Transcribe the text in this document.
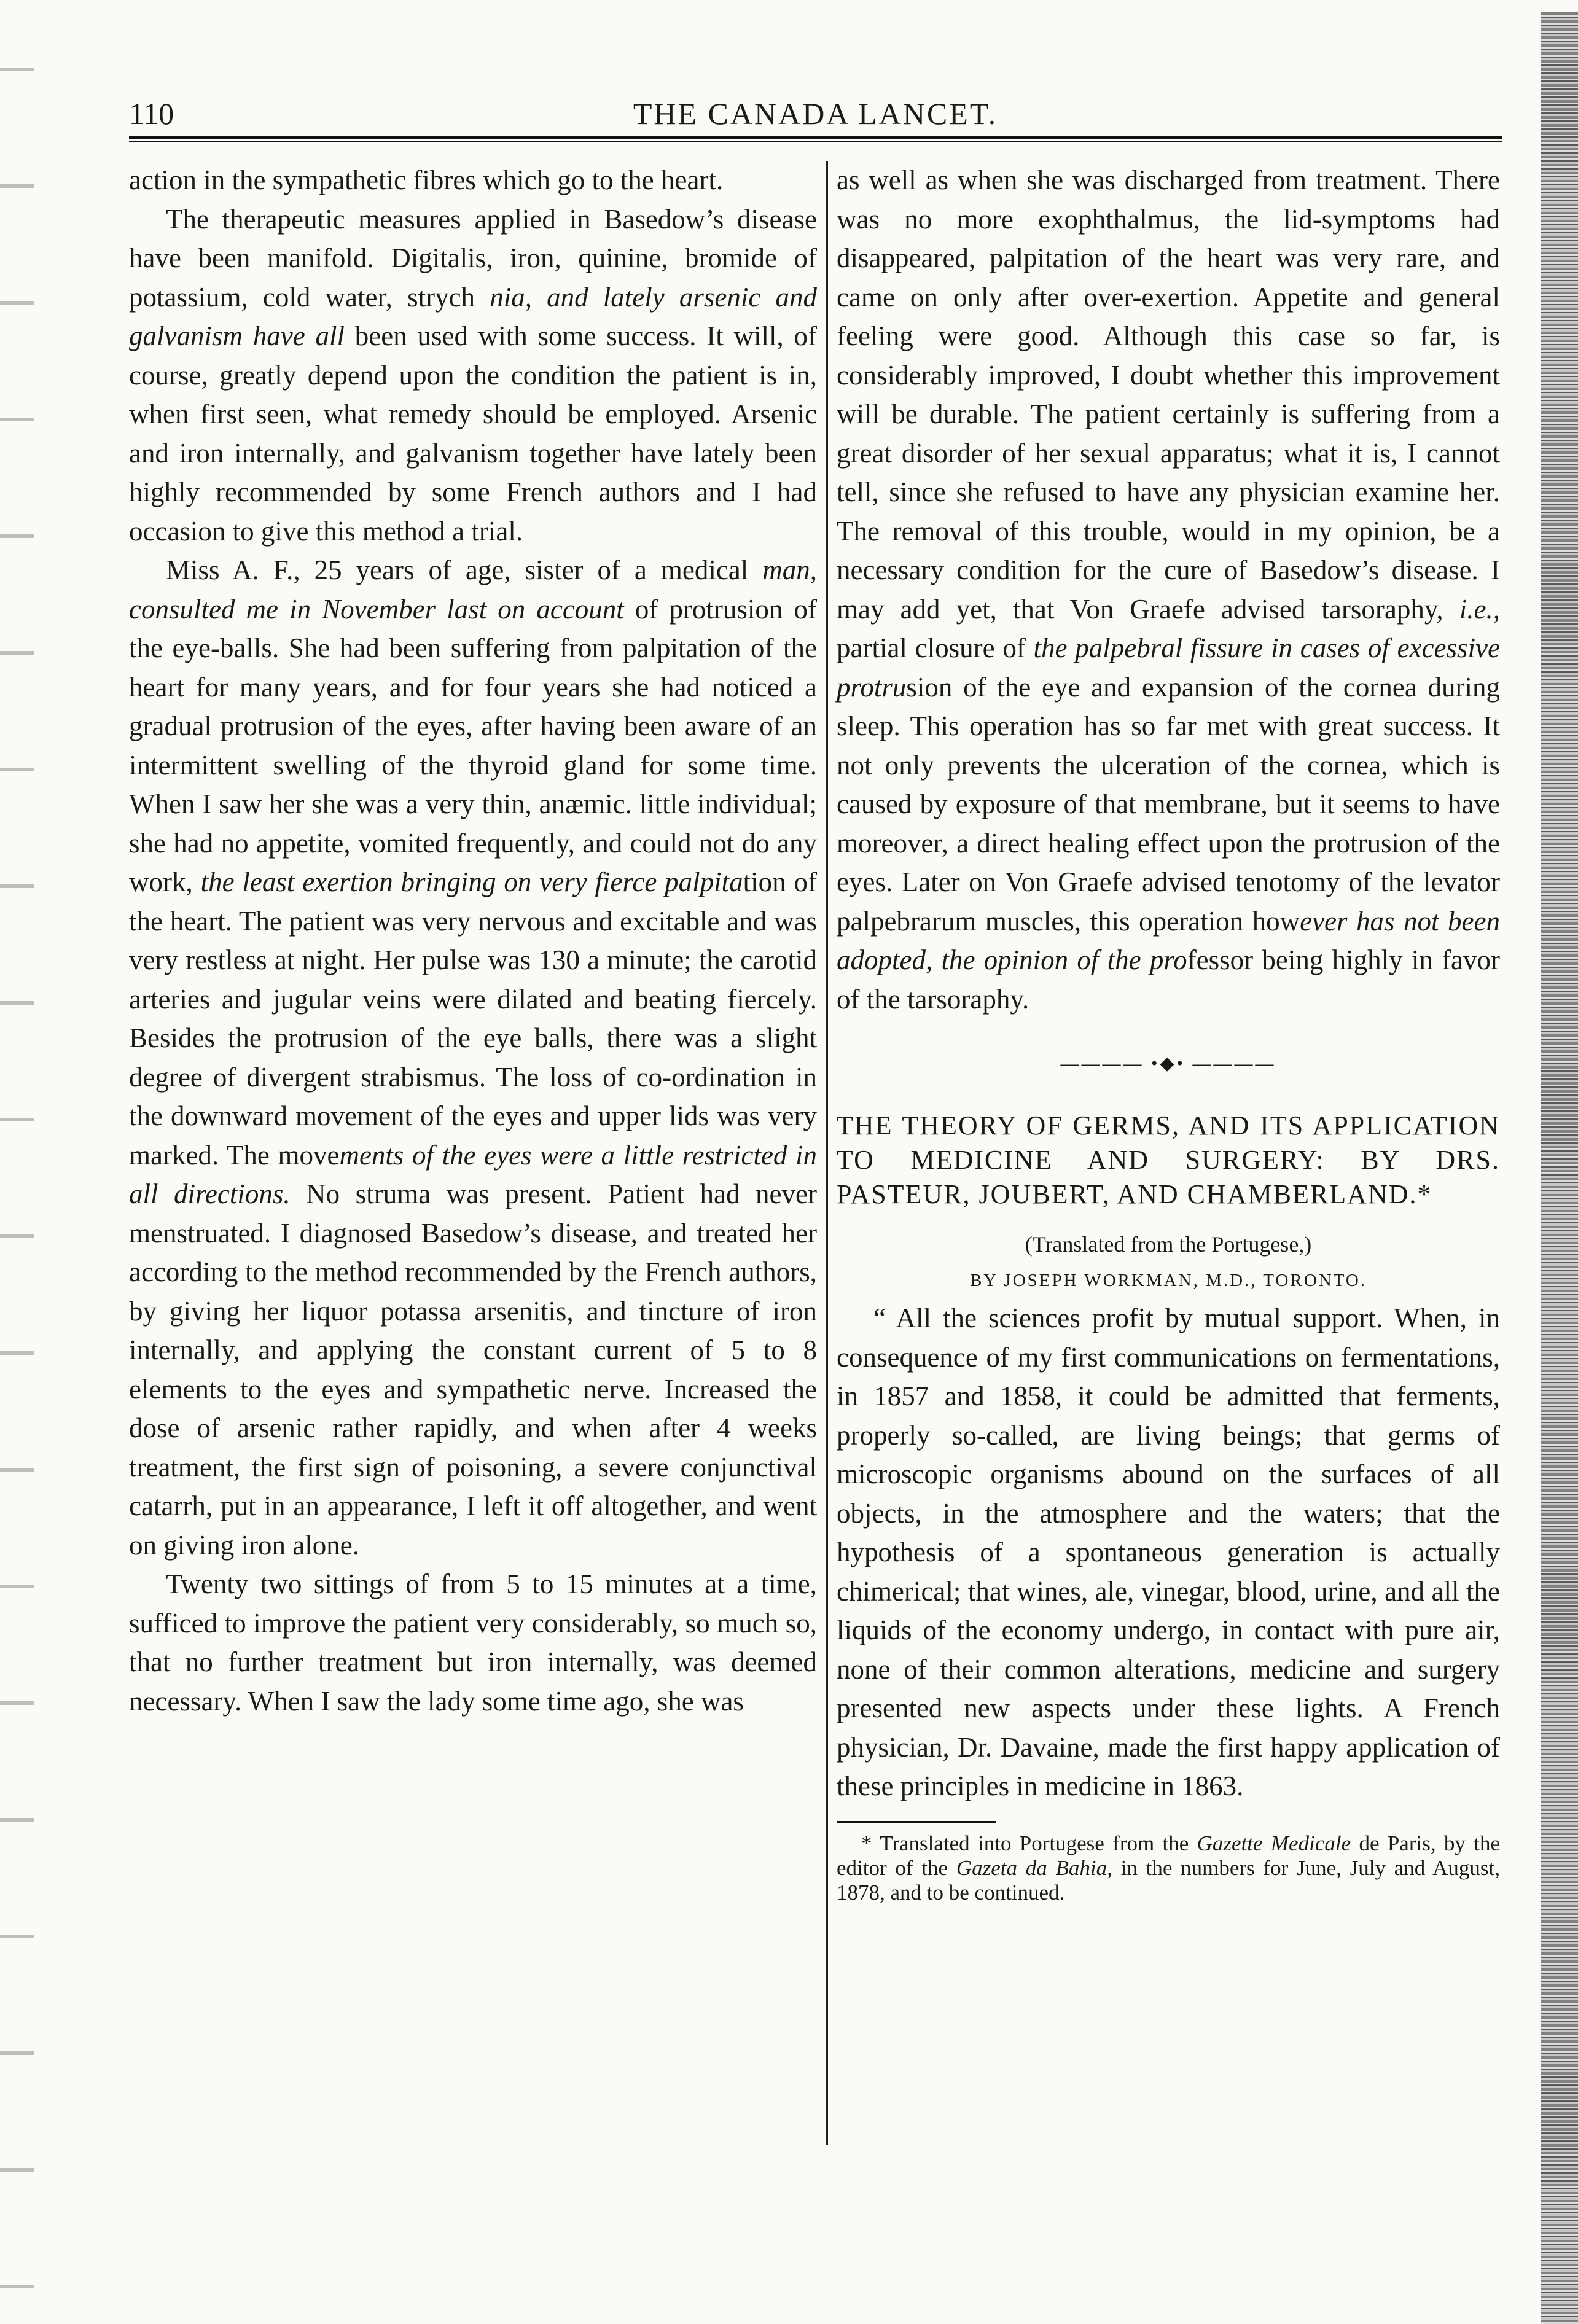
110	THE CANADA LANCET.

action in the sympathetic fibres which go to the heart.

The therapeutic measures applied in Basedow’s disease have been manifold. Digitalis, iron, quinine, bromide of potassium, cold water, strych nia, and lately arsenic and galvanism have all been used with some success. It will, of course, greatly depend upon the condition the patient is in, when first seen, what remedy should be employed. Arsenic and iron internally, and galvanism together have lately been highly recommended by some French authors and I had occasion to give this method a trial.

Miss A. F., 25 years of age, sister of a medical man, consulted me in November last on account of protrusion of the eye-balls. She had been suffering from palpitation of the heart for many years, and for four years she had noticed a gradual protrusion of the eyes, after having been aware of an intermittent swelling of the thyroid gland for some time. When I saw her she was a very thin, anæmic. little individual; she had no appetite, vomited frequently, and could not do any work, the least exertion bringing on very fierce palpitation of the heart. The patient was very nervous and excitable and was very restless at night. Her pulse was 130 a minute; the carotid arteries and jugular veins were dilated and beating fiercely. Besides the protrusion of the eye balls, there was a slight degree of divergent strabismus. The loss of co-ordination in the downward movement of the eyes and upper lids was very marked. The movements of the eyes were a little restricted in all directions. No struma was present. Patient had never menstruated. I diagnosed Basedow’s disease, and treated her according to the method recommended by the French authors, by giving her liquor potassa arsenitis, and tincture of iron internally, and applying the constant current of 5 to 8 elements to the eyes and sympathetic nerve. Increased the dose of arsenic rather rapidly, and when after 4 weeks treatment, the first sign of poisoning, a severe conjunctival catarrh, put in an appearance, I left it off altogether, and went on giving iron alone.

Twenty two sittings of from 5 to 15 minutes at a time, sufficed to improve the patient very considerably, so much so, that no further treatment but iron internally, was deemed necessary. When I saw the lady some time ago, she was

as well as when she was discharged from treatment. There was no more exophthalmus, the lid-symptoms had disappeared, palpitation of the heart was very rare, and came on only after over-exertion. Appetite and general feeling were good. Although this case so far, is considerably improved, I doubt whether this improvement will be durable. The patient certainly is suffering from a great disorder of her sexual apparatus; what it is, I cannot tell, since she refused to have any physician examine her. The removal of this trouble, would in my opinion, be a necessary condition for the cure of Basedow’s disease. I may add yet, that Von Graefe advised tarsoraphy, i.e., partial closure of the palpebral fissure in cases of excessive protrusion of the eye and expansion of the cornea during sleep. This operation has so far met with great success. It not only prevents the ulceration of the cornea, which is caused by exposure of that membrane, but it seems to have moreover, a direct healing effect upon the protrusion of the eyes. Later on Von Graefe advised tenotomy of the levator palpebrarum muscles, this operation however has not been adopted, the opinion of the professor being highly in favor of the tarsoraphy.

———— •◆• ————
THE THEORY OF GERMS, AND ITS APPLICATION TO MEDICINE AND SURGERY: BY DRS. PASTEUR, JOUBERT, AND CHAMBERLAND.*
(Translated from the Portugese,)
BY JOSEPH WORKMAN, M.D., TORONTO.

“ All the sciences profit by mutual support. When, in consequence of my first communications on fermentations, in 1857 and 1858, it could be admitted that ferments, properly so-called, are living beings; that germs of microscopic organisms abound on the surfaces of all objects, in the atmosphere and the waters; that the hypothesis of a spontaneous generation is actually chimerical; that wines, ale, vinegar, blood, urine, and all the liquids of the economy undergo, in contact with pure air, none of their common alterations, medicine and surgery presented new aspects under these lights. A French physician, Dr. Davaine, made the first happy application of these principles in medicine in 1863.

* Translated into Portugese from the Gazette Medicale de Paris, by the editor of the Gazeta da Bahia, in the numbers for June, July and August, 1878, and to be continued.
